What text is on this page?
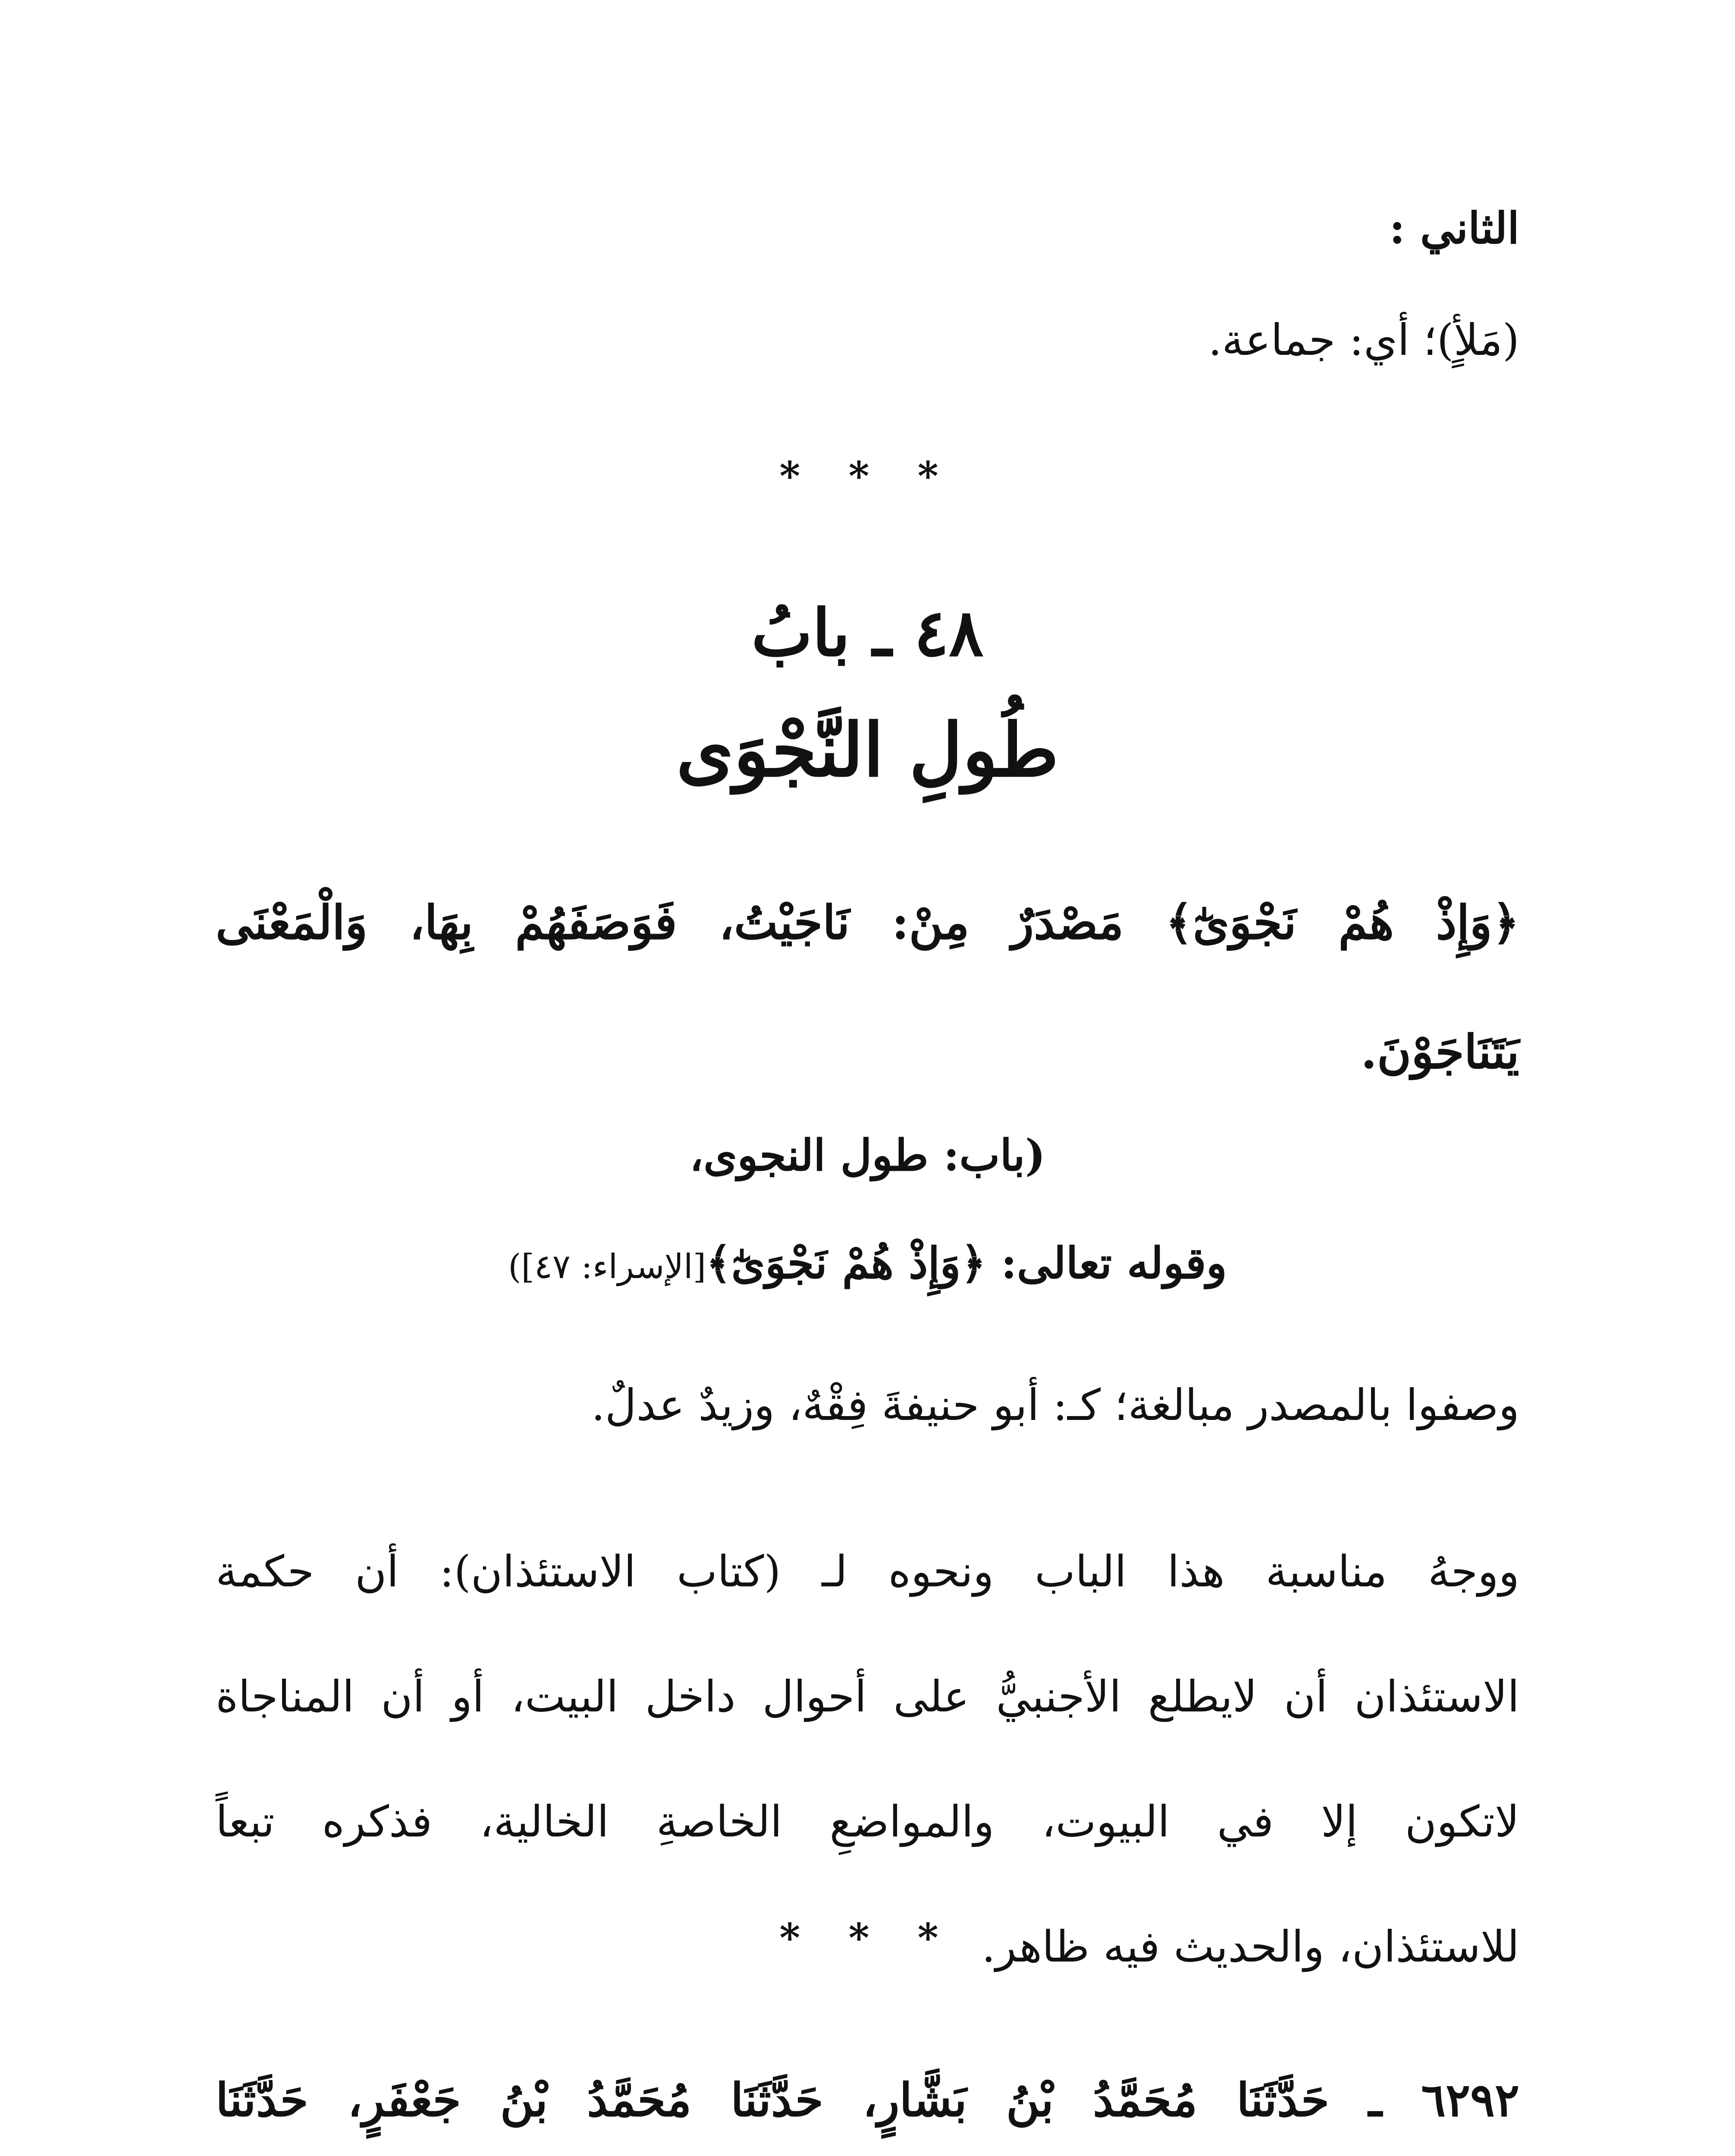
الثاني :
(مَلأٍ)؛ أي: جماعة.
* * *
٤٨ ـ بابُ
طُولِ النَّجْوَى
﴿وَإِذْ هُمْ نَجْوَىٰٓ﴾ مَصْدَرٌ مِنْ: نَاجَيْتُ، فَوَصَفَهُمْ بِهَا، وَالْمَعْنَى
يَتَنَاجَوْنَ.
(باب: طول النجوى،
وقوله تعالى: ﴿وَإِذْ هُمْ نَجْوَىٰٓ﴾[الإسراء: ٤٧])
وصفوا بالمصدر مبالغة؛ كـ: أبو حنيفةَ فِقْهٌ، وزيدٌ عدلٌ.
ووجهُ مناسبة هذا الباب ونحوه لـ (كتاب الاستئذان): أن حكمة
الاستئذان أن لايطلع الأجنبيُّ على أحوال داخل البيت، أو أن المناجاة
لاتكون إلا في البيوت، والمواضعِ الخاصةِ الخالية، فذكره تبعاً
للاستئذان، والحديث فيه ظاهر.
* * *
٦٢٩٢ ـ حَدَّثَنَا مُحَمَّدُ بْنُ بَشَّارٍ، حَدَّثَنَا مُحَمَّدُ بْنُ جَعْفَرٍ، حَدَّثَنَا
